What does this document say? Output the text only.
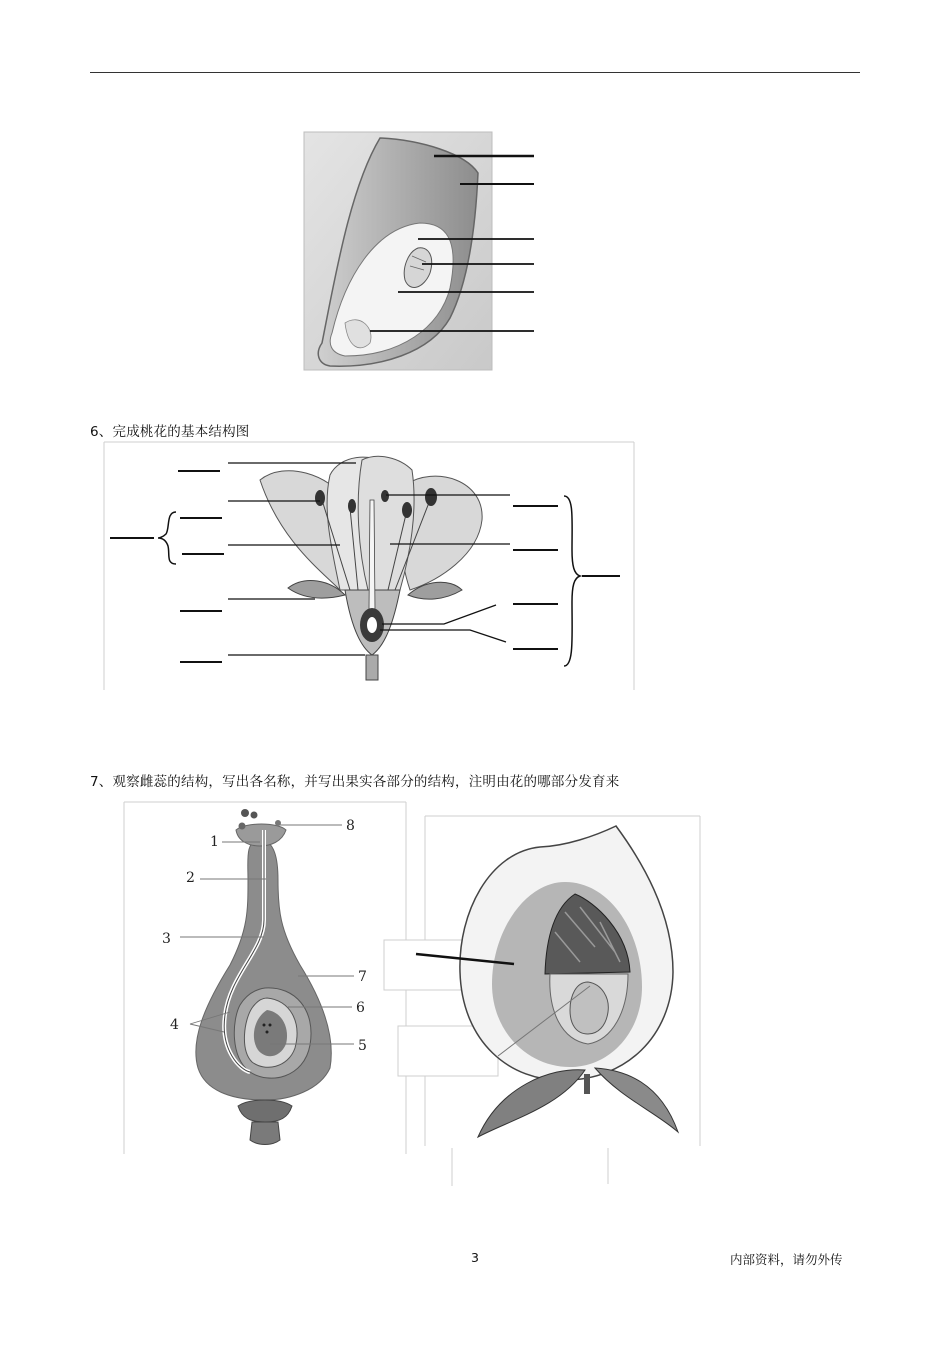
6、完成桃花的基本结构图
7、观察雌蕊的结构，写出各名称，并写出果实各部分的结构，注明由花的哪部分发育来
1
2
3
4
5
6
7
8
3	内部资料，请勿外传
